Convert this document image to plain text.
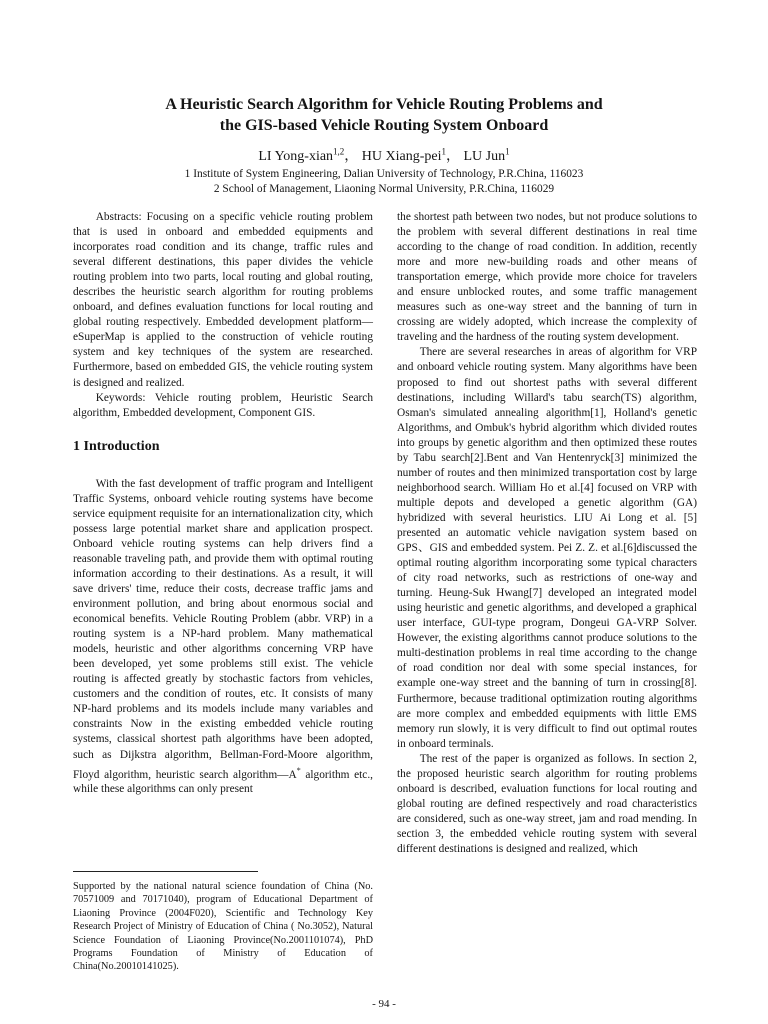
A Heuristic Search Algorithm for Vehicle Routing Problems and
the GIS-based Vehicle Routing System Onboard
LI Yong-xian$^{1,2}$， HU Xiang-pei$^1$， LU Jun$^1$
1 Institute of System Engineering, Dalian University of Technology, P.R.China, 116023
2 School of Management, Liaoning Normal University, P.R.China, 116029

Abstracts: Focusing on a specific vehicle routing problem that is used in onboard and embedded equipments and incorporates road condition and its change, traffic rules and several different destinations, this paper divides the vehicle routing problem into two parts, local routing and global routing, describes the heuristic search algorithm for routing problems onboard, and defines evaluation functions for local routing and global routing respectively. Embedded development platform—eSuperMap is applied to the construction of vehicle routing system and key techniques of the system are researched. Furthermore, based on embedded GIS, the vehicle routing system is designed and realized.

Keywords: Vehicle routing problem, Heuristic Search algorithm, Embedded development, Component GIS.

1 Introduction

With the fast development of traffic program and Intelligent Traffic Systems, onboard vehicle routing systems have become service equipment requisite for an internationalization city, which possess large potential market share and application prospect. Onboard vehicle routing systems can help drivers find a reasonable traveling path, and provide them with optimal routing information according to their destinations. As a result, it will save drivers' time, reduce their costs, decrease traffic jams and environment pollution, and bring about enormous social and economical benefits. Vehicle Routing Problem (abbr. VRP) in a routing system is a NP-hard problem. Many mathematical models, heuristic and other algorithms concerning VRP have been developed, yet some problems still exist. The vehicle routing is affected greatly by stochastic factors from vehicles, customers and the condition of routes, etc. It consists of many NP-hard problems and its models include many variables and constraints Now in the existing embedded vehicle routing systems, classical shortest path algorithms have been adopted, such as Dijkstra algorithm, Bellman-Ford-Moore algorithm, Floyd algorithm, heuristic search algorithm—A* algorithm etc., while these algorithms can only present

the shortest path between two nodes, but not produce solutions to the problem with several different destinations in real time according to the change of road condition. In addition, recently more and more new-building roads and other means of transportation emerge, which provide more choice for travelers and ensure unblocked routes, and some traffic management measures such as one-way street and the banning of turn in crossing are widely adopted, which increase the complexity of traveling and the hardness of the routing system development.

There are several researches in areas of algorithm for VRP and onboard vehicle routing system. Many algorithms have been proposed to find out shortest paths with several different destinations, including Willard's tabu search(TS) algorithm, Osman's simulated annealing algorithm[1], Holland's genetic Algorithms, and Ombuk's hybrid algorithm which divided routes into groups by genetic algorithm and then optimized these routes by Tabu search[2].Bent and Van Hentenryck[3] minimized the number of routes and then minimized transportation cost by large neighborhood search. William Ho et al.[4] focused on VRP with multiple depots and developed a genetic algorithm (GA) hybridized with several heuristics. LIU Ai Long et al. [5] presented an automatic vehicle navigation system based on GPS、GIS and embedded system. Pei Z. Z. et al.[6]discussed the optimal routing algorithm incorporating some typical characters of city road networks, such as restrictions of one-way and turning. Heung-Suk Hwang[7] developed an integrated model using heuristic and genetic algorithms, and developed a graphical user interface, GUI-type program, Dongeui GA-VRP Solver. However, the existing algorithms cannot produce solutions to the multi-destination problems in real time according to the change of road condition nor deal with some special instances, for example one-way street and the banning of turn in crossing[8]. Furthermore, because traditional optimization routing algorithms are more complex and embedded equipments with little EMS memory run slowly, it is very difficult to find out optimal routes in onboard terminals.

The rest of the paper is organized as follows. In section 2, the proposed heuristic search algorithm for routing problems onboard is described, evaluation functions for local routing and global routing are defined respectively and road characteristics are considered, such as one-way street, jam and road mending. In section 3, the embedded vehicle routing system with several different destinations is designed and realized, which

Supported by the national natural science foundation of China (No. 70571009 and 70171040), program of Educational Department of Liaoning Province (2004F020), Scientific and Technology Key Research Project of Ministry of Education of China ( No.3052), Natural Science Foundation of Liaoning Province(No.2001101074), PhD Programs Foundation of Ministry of Education of China(No.20010141025).
- 94 -
